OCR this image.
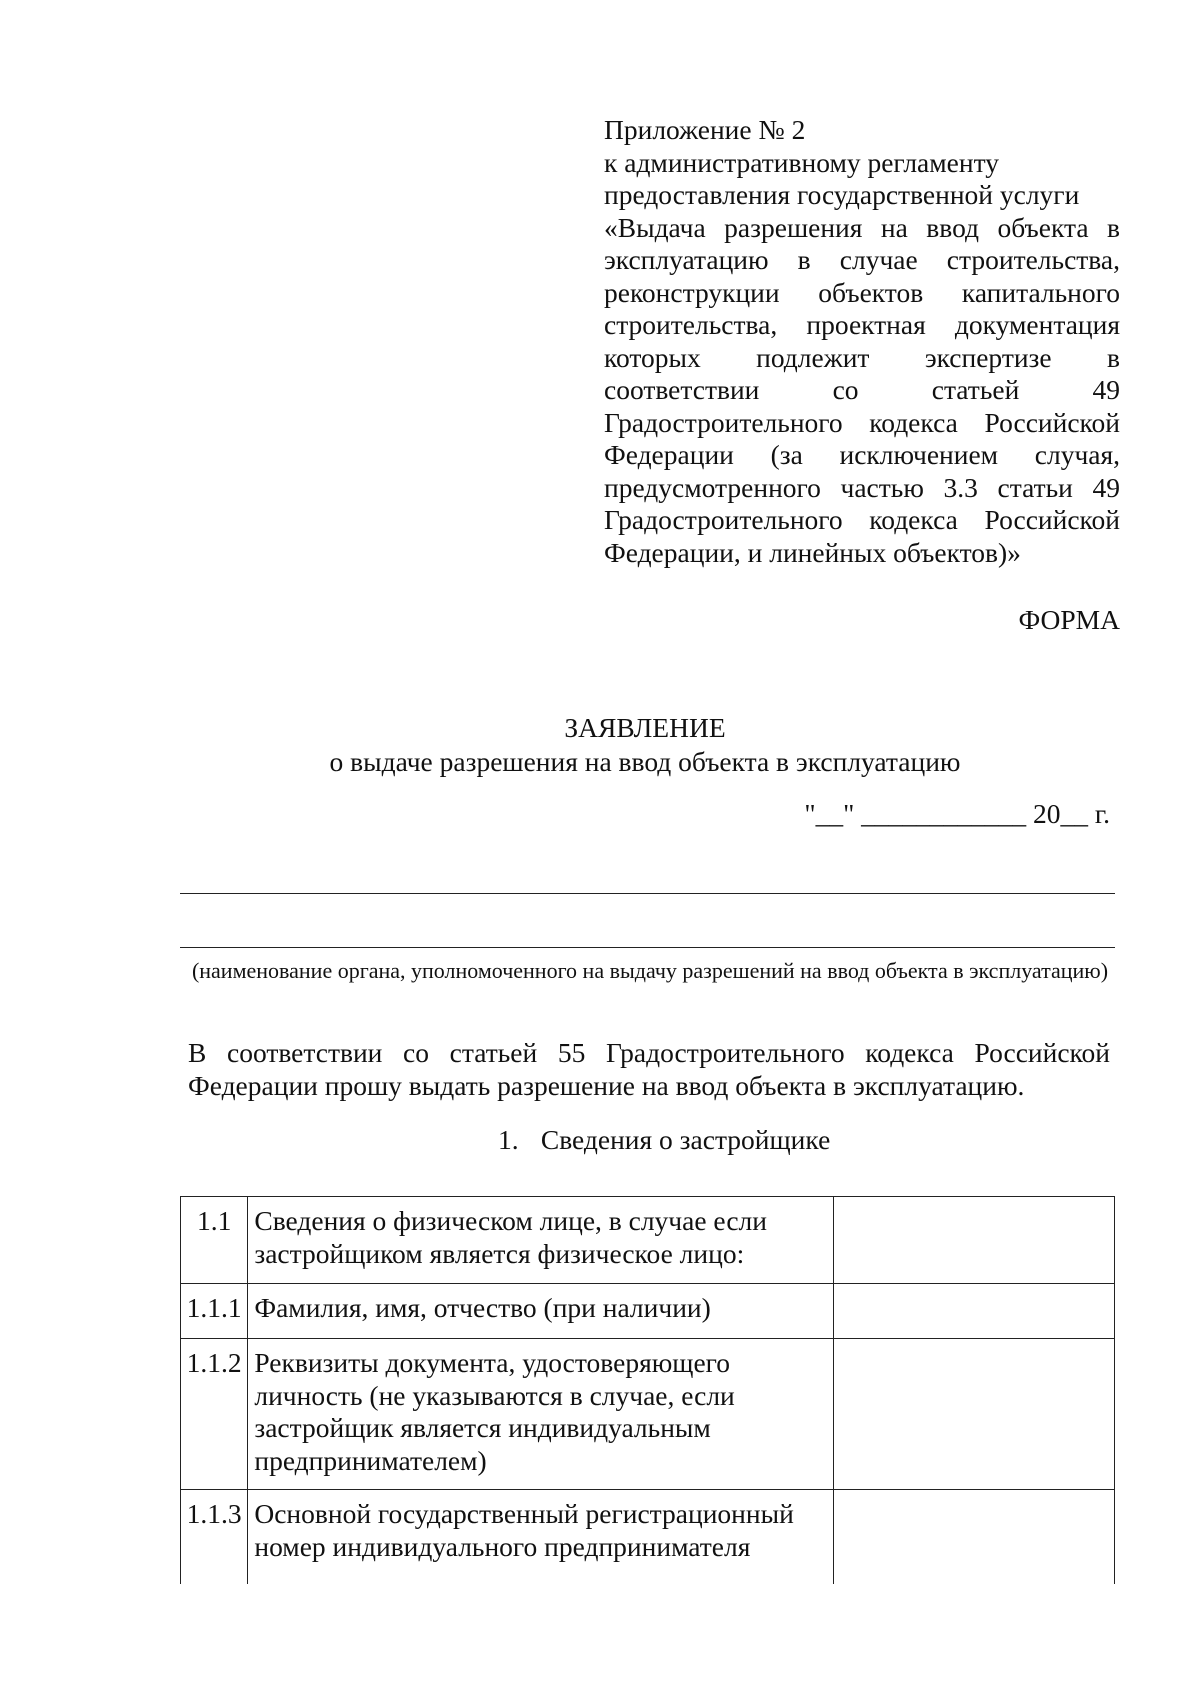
Приложение № 2
к административному регламенту
предоставления государственной услуги
«Выдача разрешения на ввод объекта в
эксплуатацию в случае строительства,
реконструкции объектов капитального
строительства, проектная документация
которых подлежит экспертизе в
соответствии со статьей 49
Градостроительного кодекса Российской
Федерации (за исключением случая,
предусмотренного частью 3.3 статьи 49
Градостроительного кодекса Российской
Федерации, и линейных объектов)»
ФОРМА
ЗАЯВЛЕНИЕ
о выдаче разрешения на ввод объекта в эксплуатацию
"__" ____________ 20__ г.
(наименование органа, уполномоченного на выдачу разрешений на ввод объекта в эксплуатацию)
В соответствии со статьей 55 Градостроительного кодекса Российской
Федерации прошу выдать разрешение на ввод объекта в эксплуатацию.
1. Сведения о застройщике
1.1	Сведения о физическом лице, в случае если застройщиком является физическое лицо:	
1.1.1	Фамилия, имя, отчество (при наличии)	
1.1.2	Реквизиты документа, удостоверяющего личность (не указываются в случае, если застройщик является индивидуальным предпринимателем)	
1.1.3	Основной государственный регистрационный номер индивидуального предпринимателя	
